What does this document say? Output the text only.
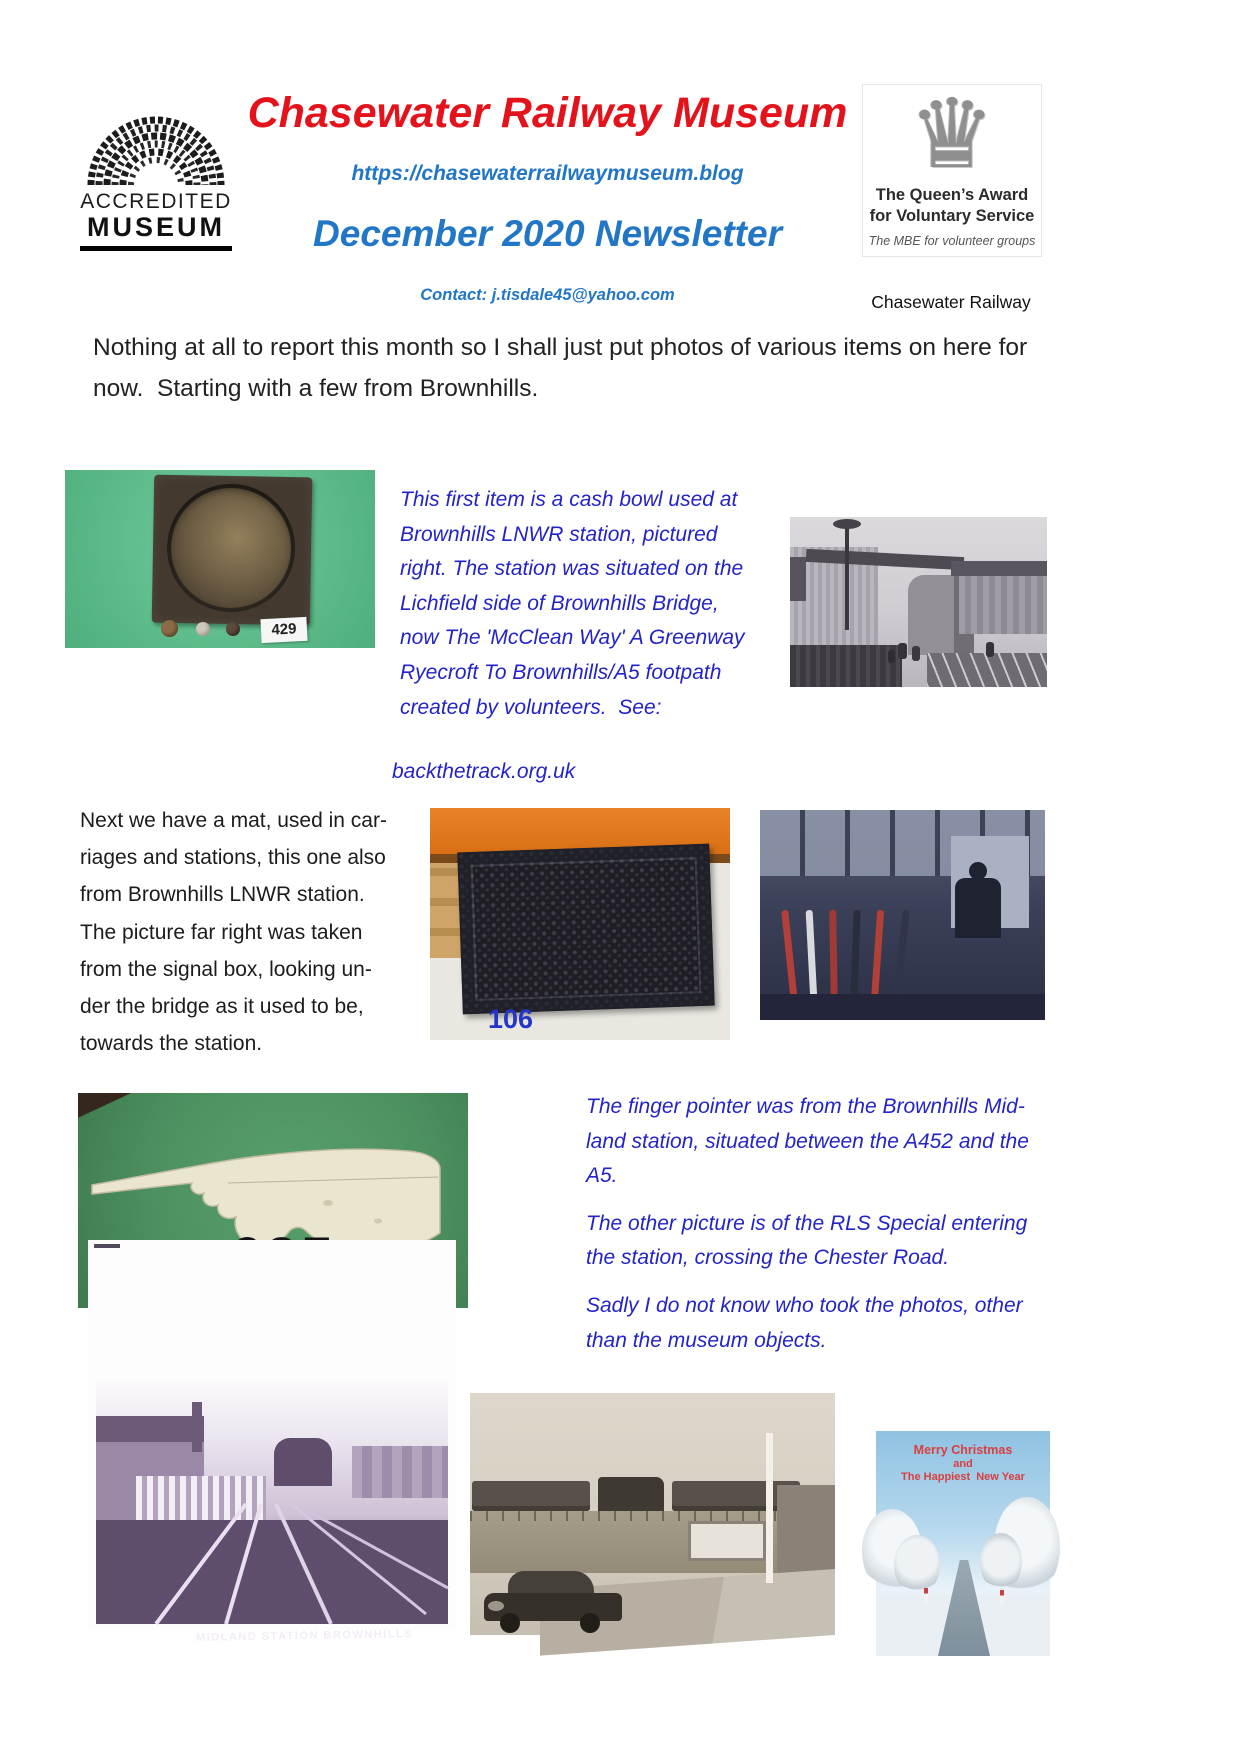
ACCREDITED
MUSEUM
Chasewater Railway Museum
https://chasewaterrailwaymuseum.blog
December 2020 Newsletter
Contact: j.tisdale45@yahoo.com
♛
The Queen’s Award
for Voluntary Service
The MBE for volunteer groups
Chasewater Railway
Nothing at all to report this month so I shall just put photos of various items on here for
now.  Starting with a few from Brownhills.
429
This first item is a cash bowl used at
Brownhills LNWR station, pictured
right. The station was situated on the
Lichfield side of Brownhills Bridge,
now The 'McClean Way' A Greenway
Ryecroft To Brownhills/A5 footpath
created by volunteers.  See:
backthetrack.org.uk
Next we have a mat, used in car-
riages and stations, this one also
from Brownhills LNWR station.
The picture far right was taken
from the signal box, looking un-
der the bridge as it used to be,
towards the station.
106
The finger pointer was from the Brownhills Mid-
land station, situated between the A452 and the
A5.
The other picture is of the RLS Special entering
the station, crossing the Chester Road.
Sadly I do not know who took the photos, other
than the museum objects.
MIDLAND STATION BROWNHILLS
Merry Christmas
and
The Happiest  New Year
